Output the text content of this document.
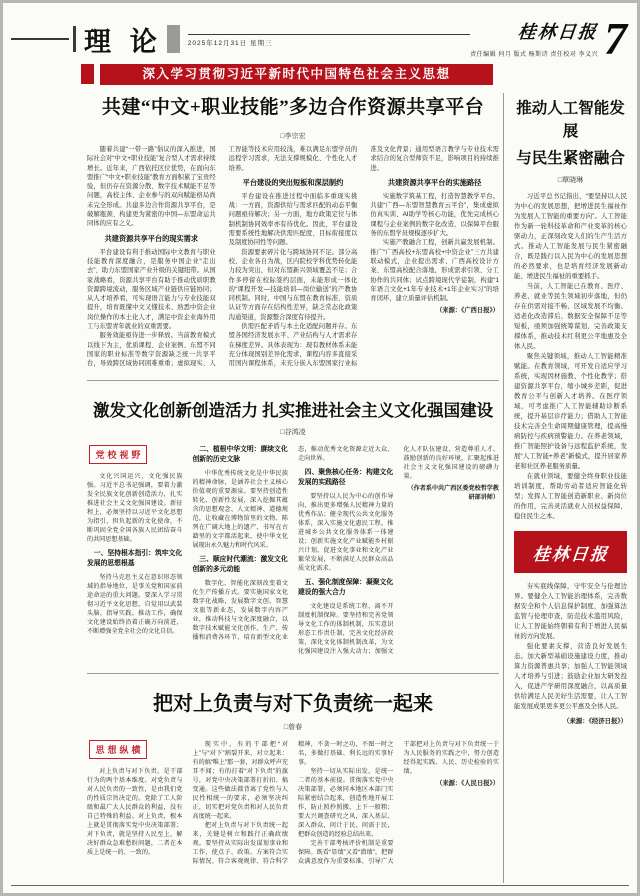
理 论	2025年12月31日 星期三
桂林日报
责任编辑 何月 版式 杨斯诗 责任校对 李义兴 7
深入学习贯彻习近平新时代中国特色社会主义思想
共建“中文+职业技能”多边合作资源共享平台
□李宗宏

随着共建“一带一路”倡议的深入推进，国际社会对“中文+职业技能”复合型人才需求持续增长。近年来，广西依托区位优势，在面向东盟推广“中文+职业技能”教育方面积累了宝贵经验，但仍存在资源分散、数字技术赋能不足等问题，高校主体、企业参与的双向赋能格局尚未完全形成。共建多边合作资源共享平台，是破解瓶颈、构建更为紧密的中国—东盟命运共同体的应有之义。

共建资源共享平台的现实需求

平台建设有利于推动国际中文教育与职业技能教育深度融合，是服务中国企业“走出去”、助力东盟国家产业升级的关键纽带。从国家战略看，资源共享平台有助于推动优质职教资源跨境流动，服务区域产业链供应链协同；从人才培养看，可实现语言能力与专业技能双提升，培育既懂中文又懂技术、熟悉中资企业岗位操作的本土化人才，满足中资企业海外用工与东盟青年就业的双重需要。

服务效能亟待进一步释放。当前教育模式以线下为主，优质课程、企业案例、东盟不同国家的职业标准等数字资源缺乏统一共享平台，导致跨区域协同困难重重；虚拟现实、人工智能等技术应用较浅，难以满足东盟学员的远程学习需求，无法支撑规模化、个性化人才培养。

平台建设的突出短板和深层制约

平台建设在推进过程中面临多重现实挑战：一方面，资源供给与需求匹配的动态平衡问题亟待解决；另一方面，地方政策定位与体制机制协同效率亦有待优化。因此，平台建设需要系统性地解决供需匹配度、目标衔接度以及制度协同性等问题。

资源要素碎片化与跨域协同不足。部分高校、企业各自为战，区内院校学科优势转化能力较为突出，但对东盟新兴领域覆盖不足；合作多停留在校际签约层面，未能形成一体化的“课程开发—技能培训—岗位输送”的产教协同机制。同时，中国与东盟在教育标准、资质认证等方面存在结构性差异，缺乏常态化政策沟通渠道，资源整合深度有待提升。

供需匹配矛盾与本土化适配问题并存。东盟各国经济发展水平、产业结构与人才需求存在梯度差异。具体表现为：现有教材体系未能充分体现国别差异化需求，课程内容多直接采用国内课程体系，未充分嵌入东盟国家行业标准及文化背景；通用型语言教学与专业技术需求结合的复合型师资不足，影响项目的持续推进。

共建资源共享平台的实施路径

实施数字筑基工程，打造智慧教学平台。共建“广西—东盟智慧教育云平台”，集成虚拟仿真实训、AI助学等核心功能，优先完成核心课程与企业案例的数字化改造，以保障平台服务的东盟学员规模逐步扩大。

实施产教融合工程，创新共赢发展机制。推广“广西高校+东盟高校+中资企业”三方共建联动模式，企业提出需求、广西高校设计方案、东盟高校配合落地，形成需求引领、分工协作的共同体；试点跨境现代学徒制，构建“1年语言文化+1年专业技术+1年企业实习”的培育闭环，建立质量评估机制。

（来源：《广西日报》）

激发文化创新创造活力 扎实推进社会主义文化强国建设
□谷鸿凌
党校视野

文化兴国运兴，文化强民族强。习近平总书记强调，要着力激发全民族文化创新创造活力，扎实推进社会主义文化强国建设。新征程上，必须坚持以习近平文化思想为指引，担负起新的文化使命，不断巩固全党全国各族人民团结奋斗的共同思想基础。

一、坚持根本指引：筑牢文化发展的思想根基

坚持马克思主义在意识形态领域的指导地位，是事关党和国家前途命运的重大问题。要深入学习贯彻习近平文化思想，自觉用以武装头脑、指导实践、推动工作，确保文化建设始终沿着正确方向前进，不断增强全党全社会的文化自信。

二、植根中华文明：赓续文化创新的历史文脉

中华优秀传统文化是中华民族的精神命脉，是涵养社会主义核心价值观的重要源泉。要坚持创造性转化、创新性发展，深入挖掘其蕴含的思想观念、人文精神、道德规范，让收藏在博物馆里的文物、陈列在广阔大地上的遗产、书写在古籍里的文字都活起来，使中华文化展现出永久魅力和时代风采。

三、顺应时代潮流：激发文化创新的多元动能

数字化、智能化深刻改变着文化生产传播方式。要实施国家文化数字化战略，发展数字文创、智慧文旅等新业态，发展数字内容产业，推动科技与文化深度融合，以数字技术赋能文化创作、生产、传播和消费各环节，培育新型文化业态，推动优秀文化资源走近大众、走向世界。

四、聚焦核心任务：构建文化发展的实践路径

要坚持以人民为中心的创作导向，推出更多增强人民精神力量的优秀作品；健全现代公共文化服务体系，深入实施文化惠民工程，推进城乡公共文化服务体系一体建设；创新实施文化产业赋能乡村振兴计划，促进文化事业和文化产业繁荣发展，不断满足人民群众高品质文化需求。

五、强化制度保障：凝聚文化建设的强大合力

文化建设是系统工程，离不开制度机制保障。要坚持和完善党领导文化工作的体制机制，压实意识形态工作责任制，完善文化经济政策，深化文化体制机制改革，为文化强国建设注入强大动力；加强文化人才队伍建设，营造尊重人才、鼓励创新的良好环境，汇聚起推进社会主义文化强国建设的磅礴力量。

（作者系中共广西区委党校哲学教研部讲师）

把对上负责与对下负责统一起来
□曾春
思想纵横

对上负责与对下负责，是干部行为的两个基本维度。对党负责与对人民负责的一致性，是由我们党的性质宗旨决定的。党除了工人阶级和最广大人民群众的利益，没有自己特殊的利益。对上负责，根本上就是贯彻落实党中央决策部署；对下负责，就是坚持人民至上，解决好群众急难愁盼问题，二者在本质上是统一的、一致的。

现实中，有的干部把“对上”与“对下”割裂开来、对立起来：有的搞“唯上”那一套，对群众呼声充耳不闻；有的打着“对下负责”的旗号，对党中央决策部署打折扣、搞变通。这些做法都背离了党性与人民性相统一的要求，必须坚决纠正，切实把对党负责和对人民负责高度统一起来。

把对上负责与对下负责统一起来，关键是树立和践行正确政绩观。要坚持从实际出发谋划事业和工作，使点子、政策、方案符合实际情况、符合客观规律、符合科学精神，不贪一时之功、不图一时之名，多做打基础、利长远的实事好事。

坚持一切从实际出发，是统一二者的基本前提。贯彻落实党中央决策部署，必须同本地区本部门实际紧密结合起来，创造性地开展工作，防止照抄照搬、上下一般粗；要大兴调查研究之风，深入基层、深入群众，问计于民、问需于民，把群众创造的经验总结出来。

完善干部考核评价机制是重要保障。既看“显绩”又看“潜绩”，把群众满意度作为重要标准，引导广大干部把对上负责与对下负责统一于为人民服务的实践之中，努力创造经得起实践、人民、历史检验的实绩。

（来源：《人民日报》）

推动人工智能发展
与民生紧密融合
□覃晓琳

习近平总书记指出，“要坚持以人民为中心的发展思想，把增进民生福祉作为发展人工智能的重要方向”。人工智能作为新一轮科技革命和产业变革的核心驱动力，正深刻改变人们的生产生活方式。推动人工智能发展与民生紧密融合，既是践行以人民为中心的发展思想的必然要求，也是培育经济发展新动能、增进民生福祉的重要抓手。

当前，人工智能已在教育、医疗、养老、就业等民生领域初步落地，但仍存在供需对接不畅、区域发展不均衡、适老化改造滞后、数据安全保障不足等短板，亟须加强统筹谋划，完善政策支撑体系，推动技术红利更公平地惠及全体人民。

聚焦关键领域，推动人工智能精准赋能。在教育领域，可开发自适应学习系统，实现因材施教、个性化教学；搭建资源共享平台，缩小城乡差距，促进教育公平与创新人才培养。在医疗领域，可考虑推广人工智能辅助诊断系统，提升基层诊疗能力；借助人工智能技术完善全生命周期健康管理，提高慢病防控与疾病预警能力。在养老领域，推广智能照护设备与远程监护系统，发展“人工智能+养老”新模式，提升居家养老和社区养老服务质量。

在就业领域，要健全终身职业技能培训制度，帮助劳动者适应智能化转型；发挥人工智能创造新职业、新岗位的作用，完善灵活就业人员权益保障，稳住民生之本。

桂林日报

夯实底线保障，守牢安全与伦理边界。要健全人工智能治理体系，完善数据安全和个人信息保护制度，加强算法监管与伦理审查，防范技术滥用风险，让人工智能始终朝着有利于增进人民福祉的方向发展。

强化要素支撑，营造良好发展生态。加大新型基础设施建设力度，推动算力资源普惠共享；加强人工智能领域人才培养与引进；鼓励企业加大研发投入，促进产学研用深度融合，以高质量供给满足人民美好生活需要，让人工智能发展成果更多更公平惠及全体人民。

（来源：《经济日报》）
